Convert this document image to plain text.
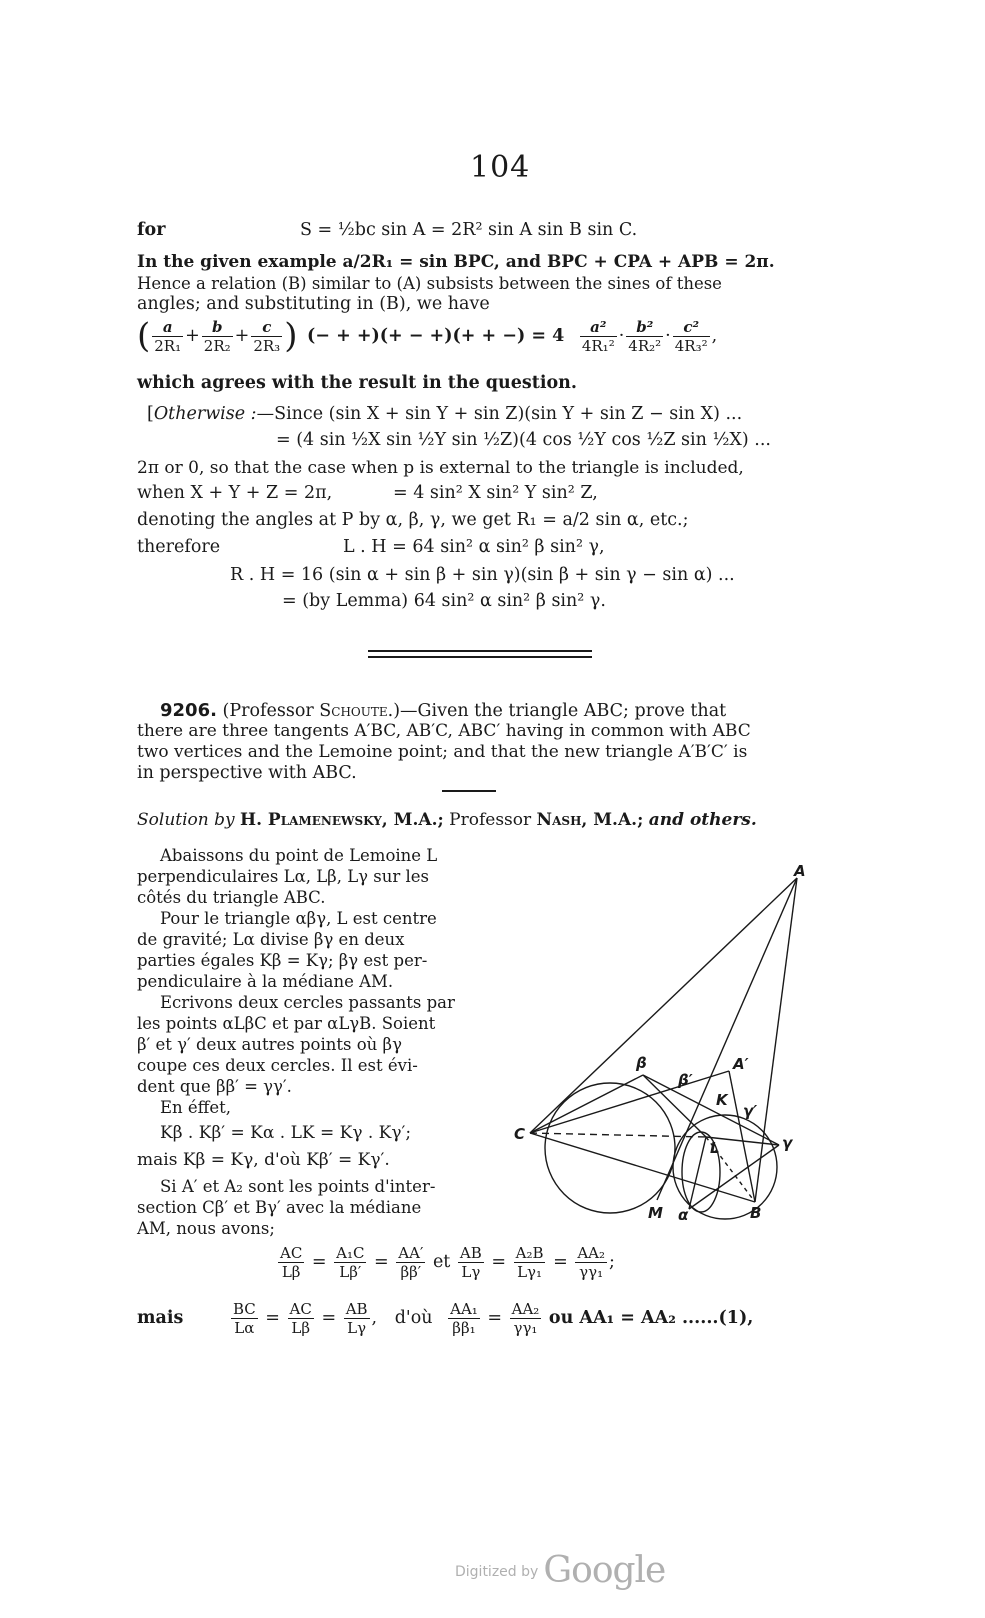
104
for	S = ½bc sin A = 2R² sin A sin B sin C.
In the given example a/2R₁ = sin BPC, and BPC + CPA + APB = 2π.
Hence a relation (B) similar to (A) subsists between the sines of these
angles; and substituting in (B), we have
( $\frac{a}{\text{2R₁}} + \frac{b}{\text{2R₂}} + \frac{c}{\text{2R₃}}$ ) (− + +)(+ − +)(+ + −) = $4 \frac{\text{a²}}{\text{4R₁²}} \cdot \frac{\text{b²}}{\text{4R₂²}} \cdot \frac{\text{c²}}{\text{4R₃²}}$ ,
which agrees with the result in the question.
[Otherwise :—Since (sin X + sin Y + sin Z)(sin Y + sin Z − sin X) ...
= (4 sin ½X sin ½Y sin ½Z)(4 cos ½Y cos ½Z sin ½X) ...
2π or 0, so that the case when p is external to the triangle is included,
when X + Y + Z = 2π,	= 4 sin² X sin² Y sin² Z,
denoting the angles at P by α, β, γ, we get R₁ = a/2 sin α, etc.;
therefore	L . H = 64 sin² α sin² β sin² γ,
R . H = 16 (sin α + sin β + sin γ)(sin β + sin γ − sin α) ...
= (by Lemma) 64 sin² α sin² β sin² γ.
9206. (Professor Schoute.)—Given the triangle ABC; prove that
there are three tangents A′BC, AB′C, ABC′ having in common with ABC
two vertices and the Lemoine point; and that the new triangle A′B′C′ is
in perspective with ABC.
Solution by H. Plamenewsky, M.A.; Professor Nash, M.A.; and others.
Abaissons du point de Lemoine L
perpendiculaires Lα, Lβ, Lγ sur les
côtés du triangle ABC.
Pour le triangle αβγ, L est centre
de gravité; Lα divise βγ en deux
parties égales Kβ = Kγ; βγ est per-
pendiculaire à la médiane AM.
Ecrivons deux cercles passants par
les points αLβC et par αLγB. Soient
β′ et γ′ deux autres points où βγ
coupe ces deux cercles. Il est évi-
dent que ββ′ = γγ′.
En éffet,
Kβ . Kβ′ = Kα . LK = Kγ . Kγ′;
mais Kβ = Kγ, d'où Kβ′ = Kγ′.
Si A′ et A₂ sont les points d'inter-
section Cβ′ et Bγ′ avec la médiane
AM, nous avons;
$\frac{AC}{L\beta} = \frac{\text{A₁C}}{L\beta'} = \frac{AA'}{\beta\beta'}$ et $\frac{AB}{L\gamma} = \frac{\text{A₂B}}{\text{Lγ₁}} = \frac{\text{AA₂}}{\text{γγ₁}}$ ;
mais	$\frac{BC}{L\alpha} = \frac{AC}{L\beta} = \frac{AB}{L\gamma}$ , d'où $\frac{\text{AA₁}}{\text{ββ₁}} = \frac{\text{AA₂}}{\text{γγ₁}}$ ou AA₁ = AA₂ ......(1),
A
A′
β
β′
K
γ′
γ
L
C
M α	B
Digitized by Google
